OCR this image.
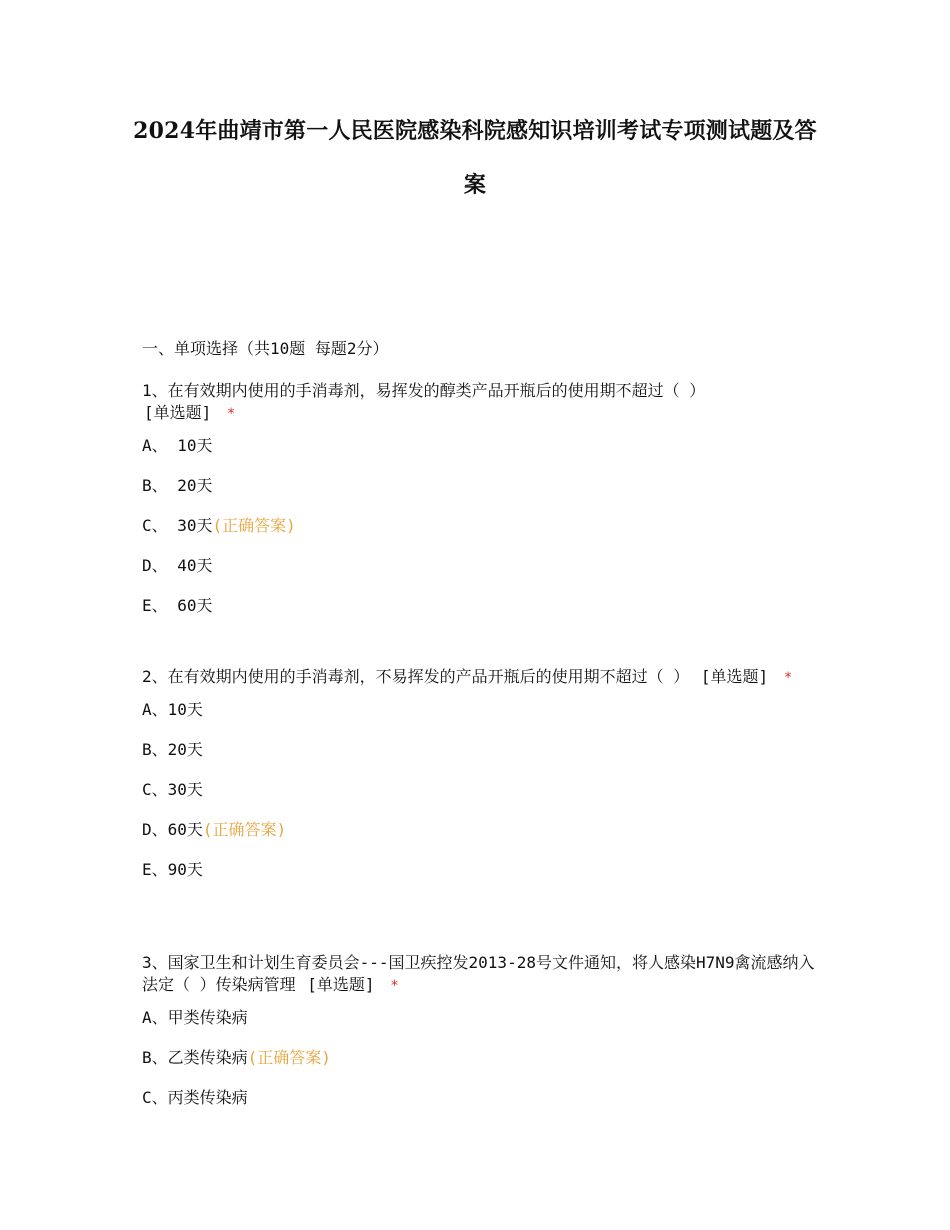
2024年曲靖市第一人民医院感染科院感知识培训考试专项测试题及答案
一、单项选择（共10题 每题2分）

1、在有效期内使用的手消毒剂，易挥发的醇类产品开瓶后的使用期不超过（ ）
[单选题] *

A、 10天
B、 20天
C、 30天(正确答案)
D、 40天
E、 60天

2、在有效期内使用的手消毒剂，不易挥发的产品开瓶后的使用期不超过（ ） [单选题] *

A、10天
B、20天
C、30天
D、60天(正确答案)
E、90天

3、国家卫生和计划生育委员会---国卫疾控发2013-28号文件通知，将人感染H7N9禽流感纳入法定（ ）传染病管理 [单选题] *

A、甲类传染病
B、乙类传染病(正确答案)
C、丙类传染病
